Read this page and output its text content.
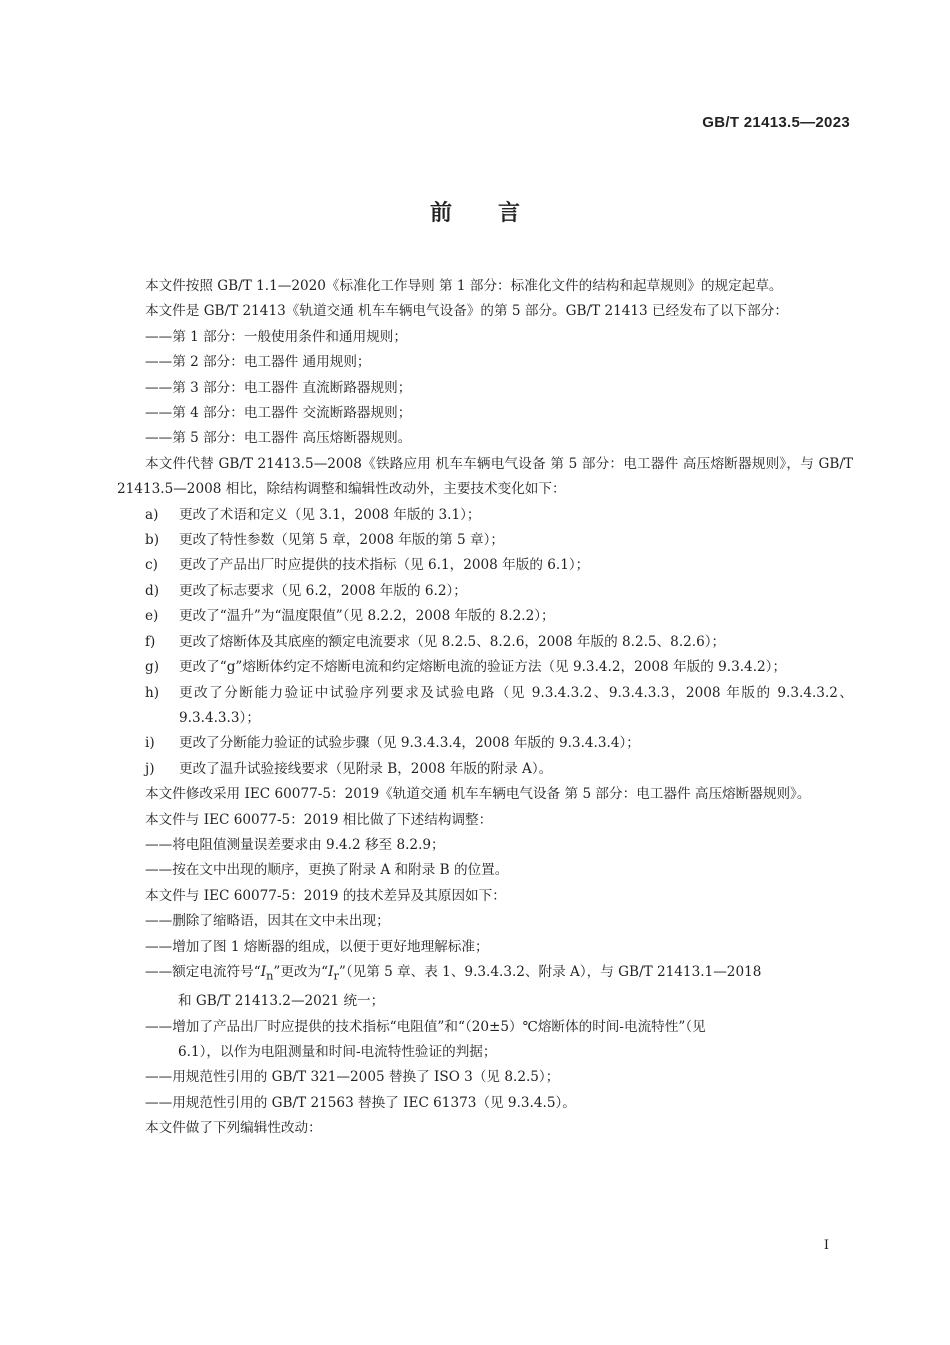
GB/T 21413.5—2023
前言

本文件按照 GB/T 1.1—2020《标准化工作导则 第 1 部分：标准化文件的结构和起草规则》的规定起草。

本文件是 GB/T 21413《轨道交通 机车车辆电气设备》的第 5 部分。GB/T 21413 已经发布了以下部分：

——第 1 部分：一般使用条件和通用规则；

——第 2 部分：电工器件 通用规则；

——第 3 部分：电工器件 直流断路器规则；

——第 4 部分：电工器件 交流断路器规则；

——第 5 部分：电工器件 高压熔断器规则。

本文件代替 GB/T 21413.5—2008《铁路应用 机车车辆电气设备 第 5 部分：电工器件 高压熔断器规则》，与 GB/T 21413.5—2008 相比，除结构调整和编辑性改动外，主要技术变化如下：

a)	更改了术语和定义（见 3.1，2008 年版的 3.1）；
b)	更改了特性参数（见第 5 章，2008 年版的第 5 章）；
c)	更改了产品出厂时应提供的技术指标（见 6.1，2008 年版的 6.1）；
d)	更改了标志要求（见 6.2，2008 年版的 6.2）；
e)	更改了“温升”为“温度限值”（见 8.2.2，2008 年版的 8.2.2）；
f)	更改了熔断体及其底座的额定电流要求（见 8.2.5、8.2.6，2008 年版的 8.2.5、8.2.6）；
g)	更改了“g”熔断体约定不熔断电流和约定熔断电流的验证方法（见 9.3.4.2，2008 年版的 9.3.4.2）；
h)	更改了分断能力验证中试验序列要求及试验电路（见 9.3.4.3.2、9.3.4.3.3，2008 年版的 9.3.4.3.2、9.3.4.3.3）；
i)	更改了分断能力验证的试验步骤（见 9.3.4.3.4，2008 年版的 9.3.4.3.4）；
j)	更改了温升试验接线要求（见附录 B，2008 年版的附录 A）。

本文件修改采用 IEC 60077-5：2019《轨道交通 机车车辆电气设备 第 5 部分：电工器件 高压熔断器规则》。

本文件与 IEC 60077-5：2019 相比做了下述结构调整：

——将电阻值测量误差要求由 9.4.2 移至 8.2.9；

——按在文中出现的顺序，更换了附录 A 和附录 B 的位置。

本文件与 IEC 60077-5：2019 的技术差异及其原因如下：

——删除了缩略语，因其在文中未出现；

——增加了图 1 熔断器的组成，以便于更好地理解标准；

——额定电流符号“$I_n$”更改为“$I_r$”（见第 5 章、表 1、9.3.4.3.2、附录 A），与 GB/T 21413.1—2018
和 GB/T 21413.2—2021 统一；
——增加了产品出厂时应提供的技术指标“电阻值”和“（20±5）℃熔断体的时间-电流特性”（见
6.1），以作为电阻测量和时间-电流特性验证的判据；

——用规范性引用的 GB/T 321—2005 替换了 ISO 3（见 8.2.5）；

——用规范性引用的 GB/T 21563 替换了 IEC 61373（见 9.3.4.5）。

本文件做了下列编辑性改动：

I
